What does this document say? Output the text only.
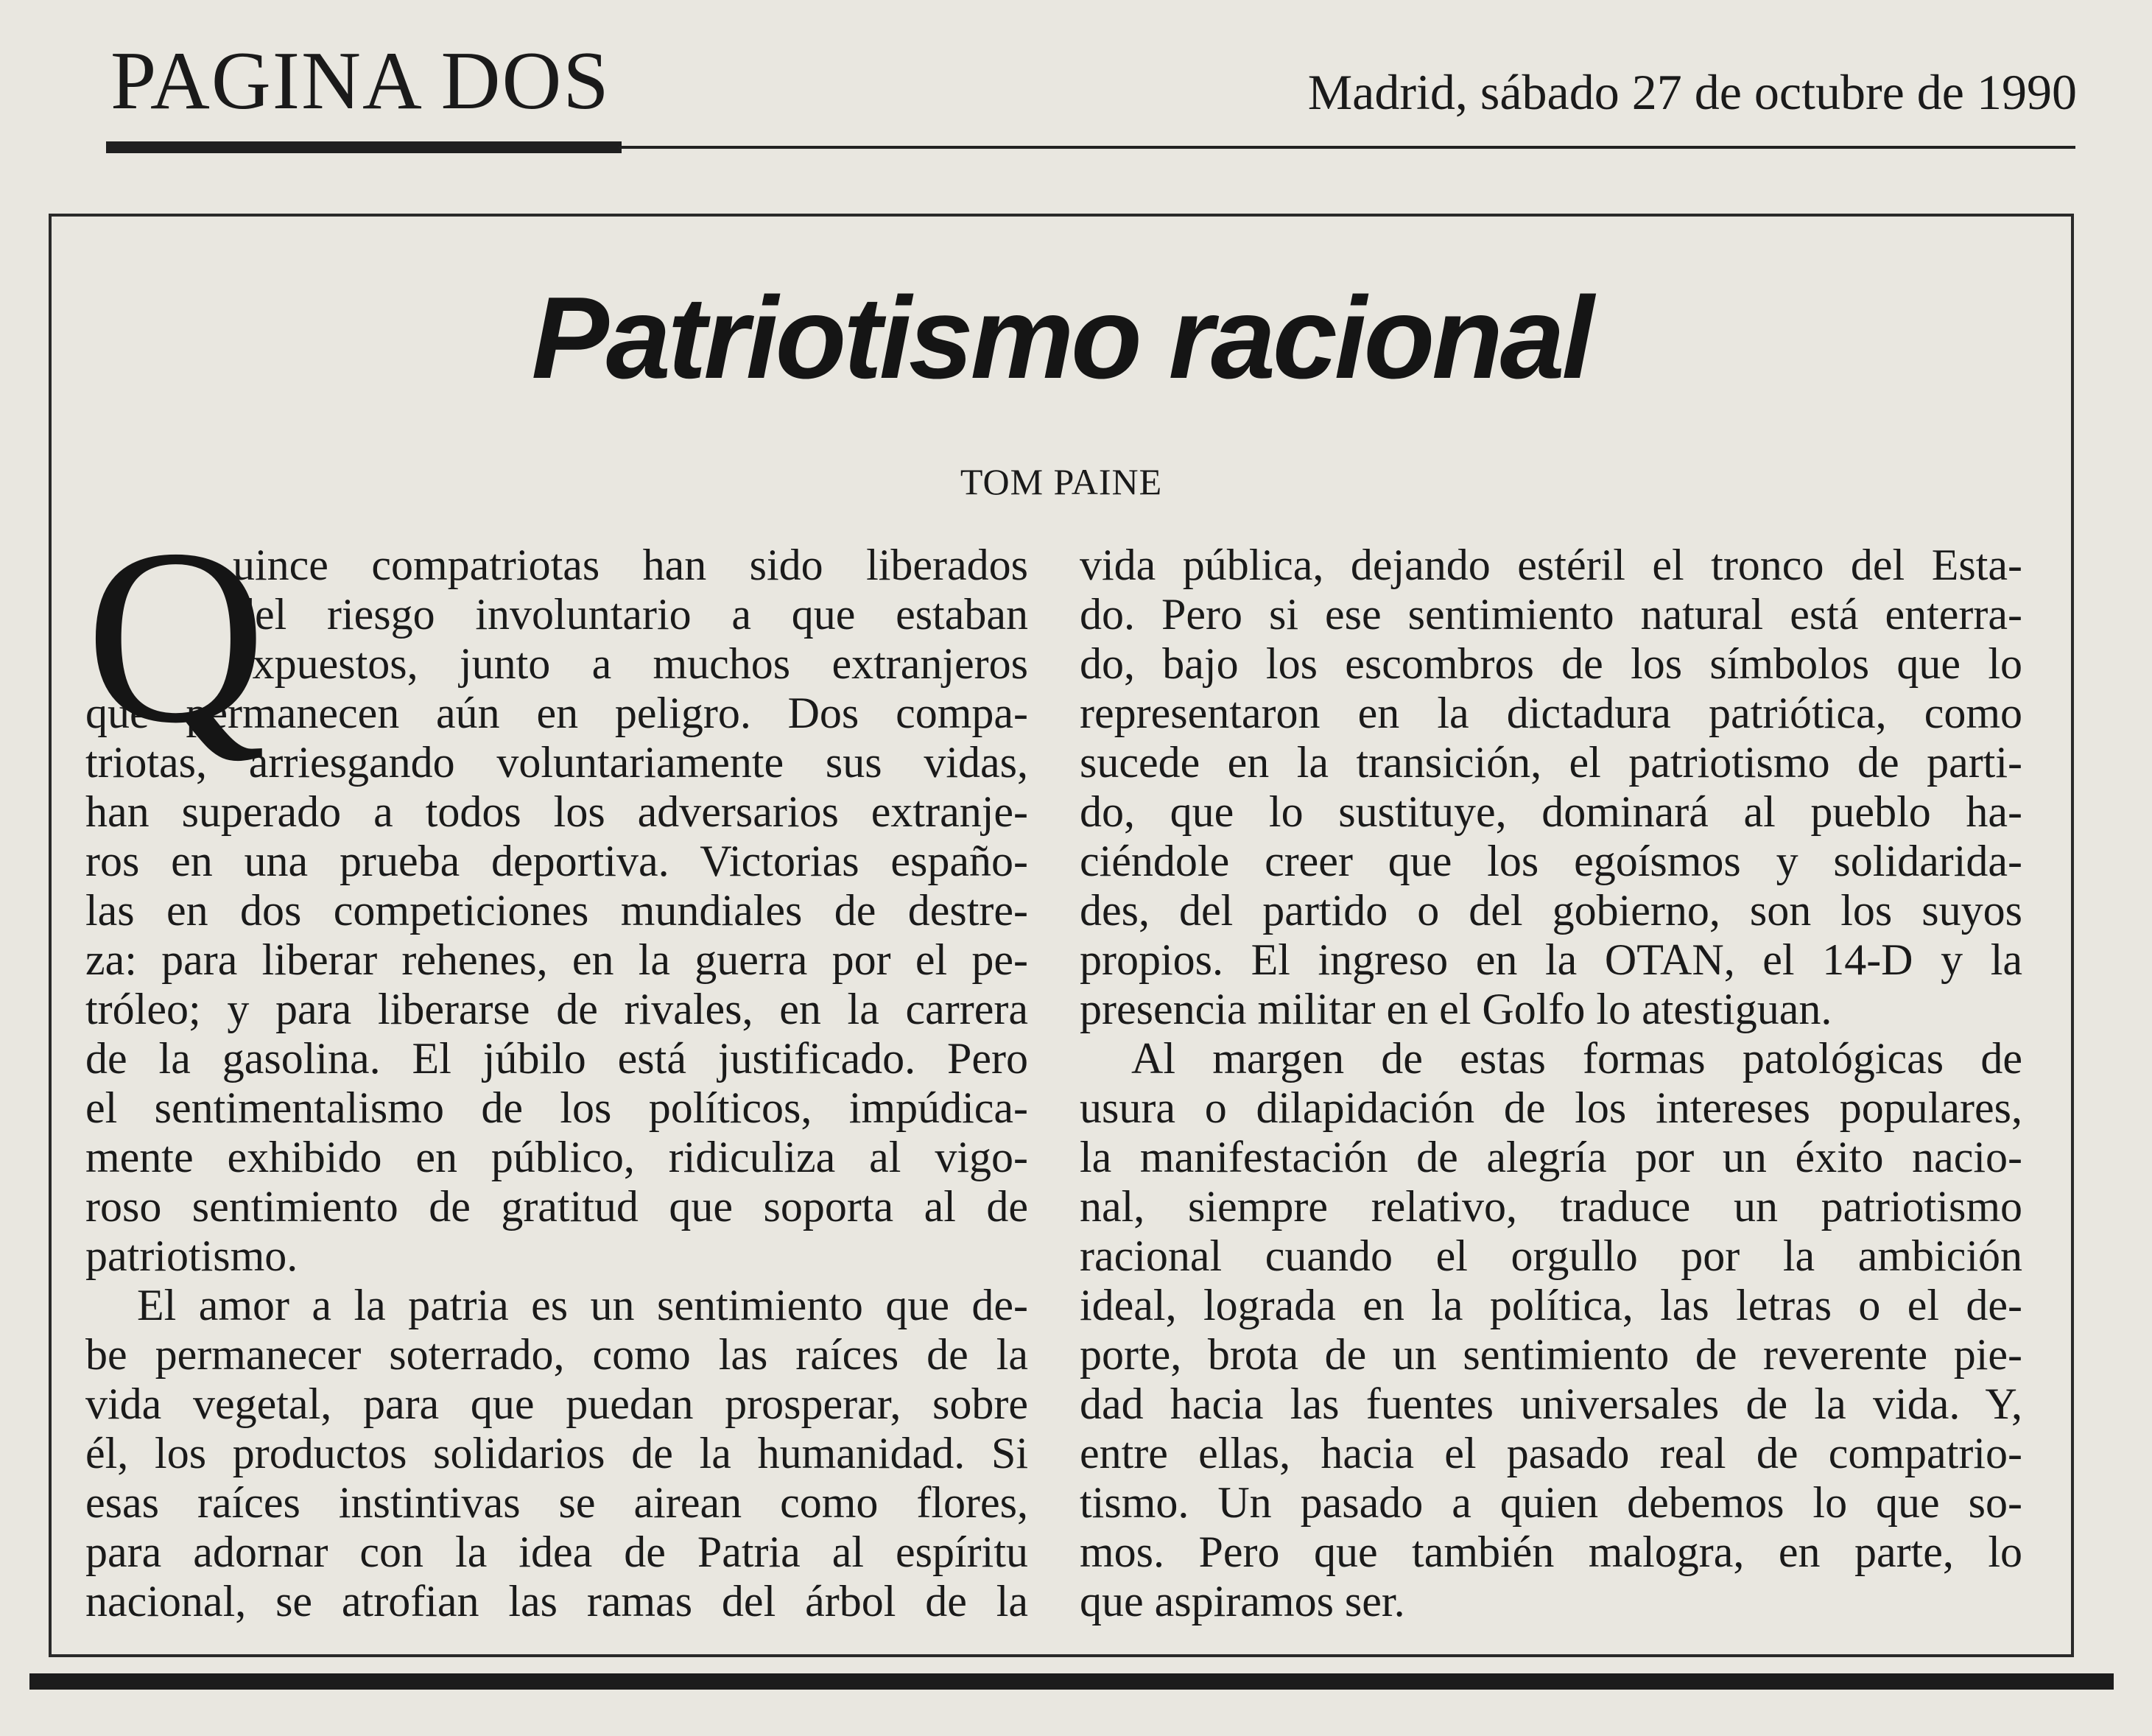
PAGINA DOS	Madrid, sábado 27 de octubre de 1990
Patriotismo racional
TOM PAINE
Q
uince compatriotas han sido liberados
del riesgo involuntario a que estaban
expuestos, junto a muchos extranjeros
que permanecen aún en peligro. Dos compa-
triotas, arriesgando voluntariamente sus vidas,
han superado a todos los adversarios extranje-
ros en una prueba deportiva. Victorias españo-
las en dos competiciones mundiales de destre-
za: para liberar rehenes, en la guerra por el pe-
tróleo; y para liberarse de rivales, en la carrera
de la gasolina. El júbilo está justificado. Pero
el sentimentalismo de los políticos, impúdica-
mente exhibido en público, ridiculiza al vigo-
roso sentimiento de gratitud que soporta al de
patriotismo.
El amor a la patria es un sentimiento que de-
be permanecer soterrado, como las raíces de la
vida vegetal, para que puedan prosperar, sobre
él, los productos solidarios de la humanidad. Si
esas raíces instintivas se airean como flores,
para adornar con la idea de Patria al espíritu
nacional, se atrofian las ramas del árbol de la
vida pública, dejando estéril el tronco del Esta-
do. Pero si ese sentimiento natural está enterra-
do, bajo los escombros de los símbolos que lo
representaron en la dictadura patriótica, como
sucede en la transición, el patriotismo de parti-
do, que lo sustituye, dominará al pueblo ha-
ciéndole creer que los egoísmos y solidarida-
des, del partido o del gobierno, son los suyos
propios. El ingreso en la OTAN, el 14-D y la
presencia militar en el Golfo lo atestiguan.
Al margen de estas formas patológicas de
usura o dilapidación de los intereses populares,
la manifestación de alegría por un éxito nacio-
nal, siempre relativo, traduce un patriotismo
racional cuando el orgullo por la ambición
ideal, lograda en la política, las letras o el de-
porte, brota de un sentimiento de reverente pie-
dad hacia las fuentes universales de la vida. Y,
entre ellas, hacia el pasado real de compatrio-
tismo. Un pasado a quien debemos lo que so-
mos. Pero que también malogra, en parte, lo
que aspiramos ser.
